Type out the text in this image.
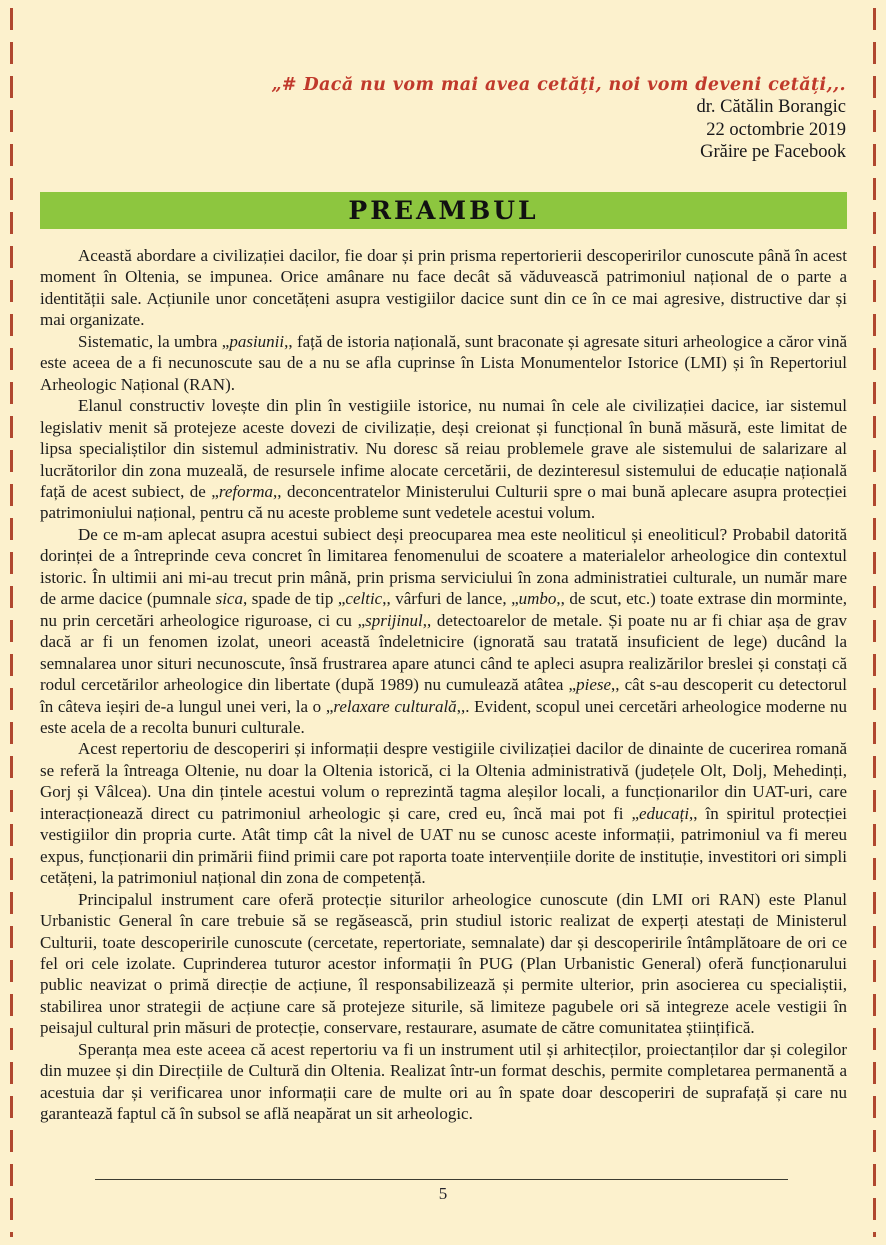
„# Dacă nu vom mai avea cetăți, noi vom deveni cetăți,,.
dr. Cătălin Borangic
22 octombrie 2019
Grăire pe Facebook
PREAMBUL

Această abordare a civilizației dacilor, fie doar și prin prisma repertorierii descoperirilor cunoscute până în acest moment în Oltenia, se impunea. Orice amânare nu face decât să văduvească patrimoniul național de o parte a identității sale. Acțiunile unor concetățeni asupra vestigiilor dacice sunt din ce în ce mai agresive, distructive dar și mai organizate.

Sistematic, la umbra „pasiunii,, față de istoria națională, sunt braconate și agresate situri arheologice a căror vină este aceea de a fi necunoscute sau de a nu se afla cuprinse în Lista Monumentelor Istorice (LMI) și în Repertoriul Arheologic Național (RAN).

Elanul constructiv lovește din plin în vestigiile istorice, nu numai în cele ale civilizației dacice, iar sistemul legislativ menit să protejeze aceste dovezi de civilizație, deși creionat și funcțional în bună măsură, este limitat de lipsa specialiștilor din sistemul administrativ. Nu doresc să reiau problemele grave ale sistemului de salarizare al lucrătorilor din zona muzeală, de resursele infime alocate cercetării, de dezinteresul sistemului de educație națională față de acest subiect, de „reforma,, deconcentratelor Ministerului Culturii spre o mai bună aplecare asupra protecției patrimoniului național, pentru că nu aceste probleme sunt vedetele acestui volum.

De ce m-am aplecat asupra acestui subiect deși preocuparea mea este neoliticul și eneoliticul? Probabil datorită dorinței de a întreprinde ceva concret în limitarea fenomenului de scoatere a materialelor arheologice din contextul istoric. În ultimii ani mi-au trecut prin mână, prin prisma serviciului în zona administratiei culturale, un număr mare de arme dacice (pumnale sica, spade de tip „celtic,, vârfuri de lance, „umbo,, de scut, etc.) toate extrase din morminte, nu prin cercetări arheologice riguroase, ci cu „sprijinul,, detectoarelor de metale. Și poate nu ar fi chiar așa de grav dacă ar fi un fenomen izolat, uneori această îndeletnicire (ignorată sau tratată insuficient de lege) ducând la semnalarea unor situri necunoscute, însă frustrarea apare atunci când te apleci asupra realizărilor breslei și constați că rodul cercetărilor arheologice din libertate (după 1989) nu cumulează atâtea „piese,, cât s-au descoperit cu detectorul în câteva ieșiri de-a lungul unei veri, la o „relaxare culturală,,. Evident, scopul unei cercetări arheologice moderne nu este acela de a recolta bunuri culturale.

Acest repertoriu de descoperiri și informații despre vestigiile civilizației dacilor de dinainte de cucerirea romană se referă la întreaga Oltenie, nu doar la Oltenia istorică, ci la Oltenia administrativă (județele Olt, Dolj, Mehedinți, Gorj și Vâlcea). Una din țintele acestui volum o reprezintă tagma aleșilor locali, a funcționarilor din UAT-uri, care interacționează direct cu patrimoniul arheologic și care, cred eu, încă mai pot fi „educați,, în spiritul protecției vestigiilor din propria curte. Atât timp cât la nivel de UAT nu se cunosc aceste informații, patrimoniul va fi mereu expus, funcționarii din primării fiind primii care pot raporta toate intervențiile dorite de instituție, investitori ori simpli cetățeni, la patrimoniul național din zona de competență.

Principalul instrument care oferă protecție siturilor arheologice cunoscute (din LMI ori RAN) este Planul Urbanistic General în care trebuie să se regăsească, prin studiul istoric realizat de experți atestați de Ministerul Culturii, toate descoperirile cunoscute (cercetate, repertoriate, semnalate) dar și descoperirile întâmplătoare de ori ce fel ori cele izolate. Cuprinderea tuturor acestor informații în PUG (Plan Urbanistic General) oferă funcționarului public neavizat o primă direcție de acțiune, îl responsabilizează și permite ulterior, prin asocierea cu specialiștii, stabilirea unor strategii de acțiune care să protejeze siturile, să limiteze pagubele ori să integreze acele vestigii în peisajul cultural prin măsuri de protecție, conservare, restaurare, asumate de către comunitatea științifică.

Speranța mea este aceea că acest repertoriu va fi un instrument util și arhitecților, proiectanților dar și colegilor din muzee și din Direcțiile de Cultură din Oltenia. Realizat într-un format deschis, permite completarea permanentă a acestuia dar și verificarea unor informații care de multe ori au în spate doar descoperiri de suprafață și care nu garantează faptul că în subsol se află neapărat un sit arheologic.

5
